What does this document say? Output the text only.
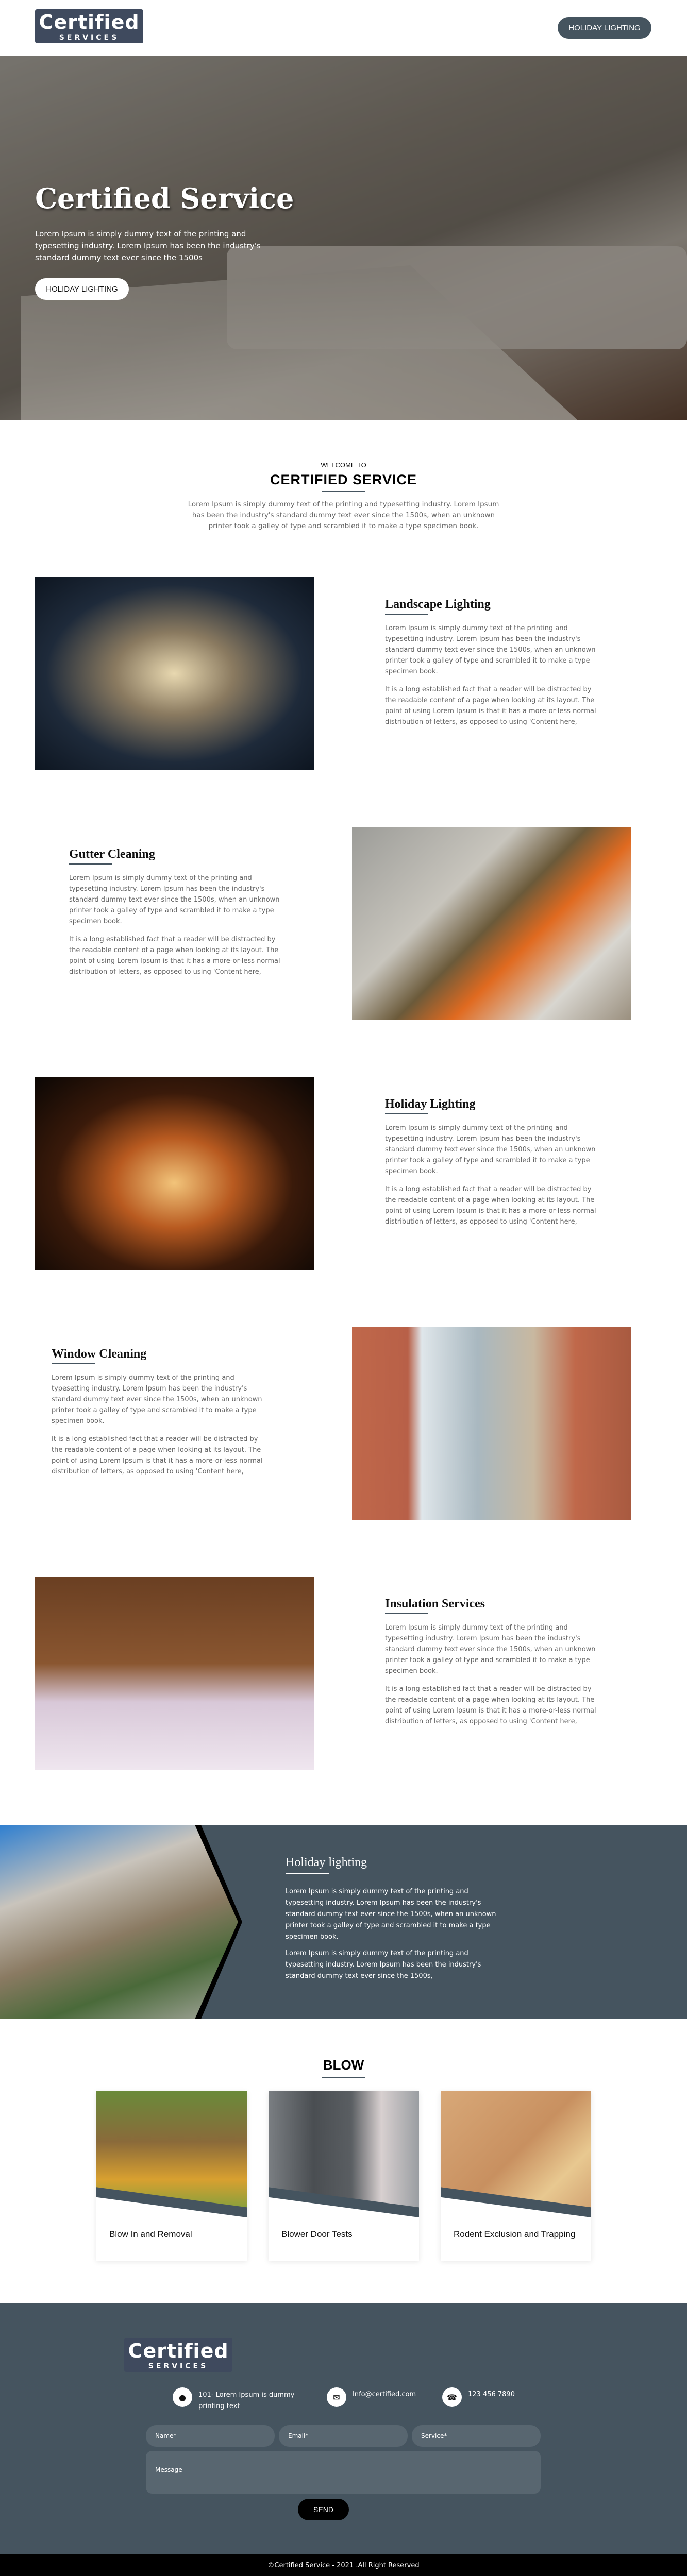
Certified
SERVICES
HOLIDAY LIGHTING
Certified Service
Lorem Ipsum is simply dummy text of the printing and typesetting industry. Lorem Ipsum has been the industry's standard dummy text ever since the 1500s
HOLIDAY LIGHTING
WELCOME TO
CERTIFIED SERVICE
Lorem Ipsum is simply dummy text of the printing and typesetting industry. Lorem Ipsum has been the industry's standard dummy text ever since the 1500s, when an unknown printer took a galley of type and scrambled it to make a type specimen book.
Landscape Lighting

Lorem Ipsum is simply dummy text of the printing and typesetting industry. Lorem Ipsum has been the industry's standard dummy text ever since the 1500s, when an unknown printer took a galley of type and scrambled it to make a type specimen book.

It is a long established fact that a reader will be distracted by the readable content of a page when looking at its layout. The point of using Lorem Ipsum is that it has a more-or-less normal distribution of letters, as opposed to using 'Content here,

Gutter Cleaning

Lorem Ipsum is simply dummy text of the printing and typesetting industry. Lorem Ipsum has been the industry's standard dummy text ever since the 1500s, when an unknown printer took a galley of type and scrambled it to make a type specimen book.

It is a long established fact that a reader will be distracted by the readable content of a page when looking at its layout. The point of using Lorem Ipsum is that it has a more-or-less normal distribution of letters, as opposed to using 'Content here,

Holiday Lighting

Lorem Ipsum is simply dummy text of the printing and typesetting industry. Lorem Ipsum has been the industry's standard dummy text ever since the 1500s, when an unknown printer took a galley of type and scrambled it to make a type specimen book.

It is a long established fact that a reader will be distracted by the readable content of a page when looking at its layout. The point of using Lorem Ipsum is that it has a more-or-less normal distribution of letters, as opposed to using 'Content here,

Window Cleaning

Lorem Ipsum is simply dummy text of the printing and typesetting industry. Lorem Ipsum has been the industry's standard dummy text ever since the 1500s, when an unknown printer took a galley of type and scrambled it to make a type specimen book.

It is a long established fact that a reader will be distracted by the readable content of a page when looking at its layout. The point of using Lorem Ipsum is that it has a more-or-less normal distribution of letters, as opposed to using 'Content here,

Insulation Services

Lorem Ipsum is simply dummy text of the printing and typesetting industry. Lorem Ipsum has been the industry's standard dummy text ever since the 1500s, when an unknown printer took a galley of type and scrambled it to make a type specimen book.

It is a long established fact that a reader will be distracted by the readable content of a page when looking at its layout. The point of using Lorem Ipsum is that it has a more-or-less normal distribution of letters, as opposed to using 'Content here,

Holiday lighting

Lorem Ipsum is simply dummy text of the printing and typesetting industry. Lorem Ipsum has been the industry's standard dummy text ever since the 1500s, when an unknown printer took a galley of type and scrambled it to make a type specimen book.

Lorem Ipsum is simply dummy text of the printing and typesetting industry. Lorem Ipsum has been the industry's standard dummy text ever since the 1500s,

BLOW
Blow In and Removal	Blower Door Tests	Rodent Exclusion and Trapping
Certified
SERVICES
●	101- Lorem Ipsum is dummy printing text
✉	Info@certified.com	☎	123 456 7890
Name*	Email*	Service*
Message
SEND
©Certified Service - 2021 .All Right Reserved
